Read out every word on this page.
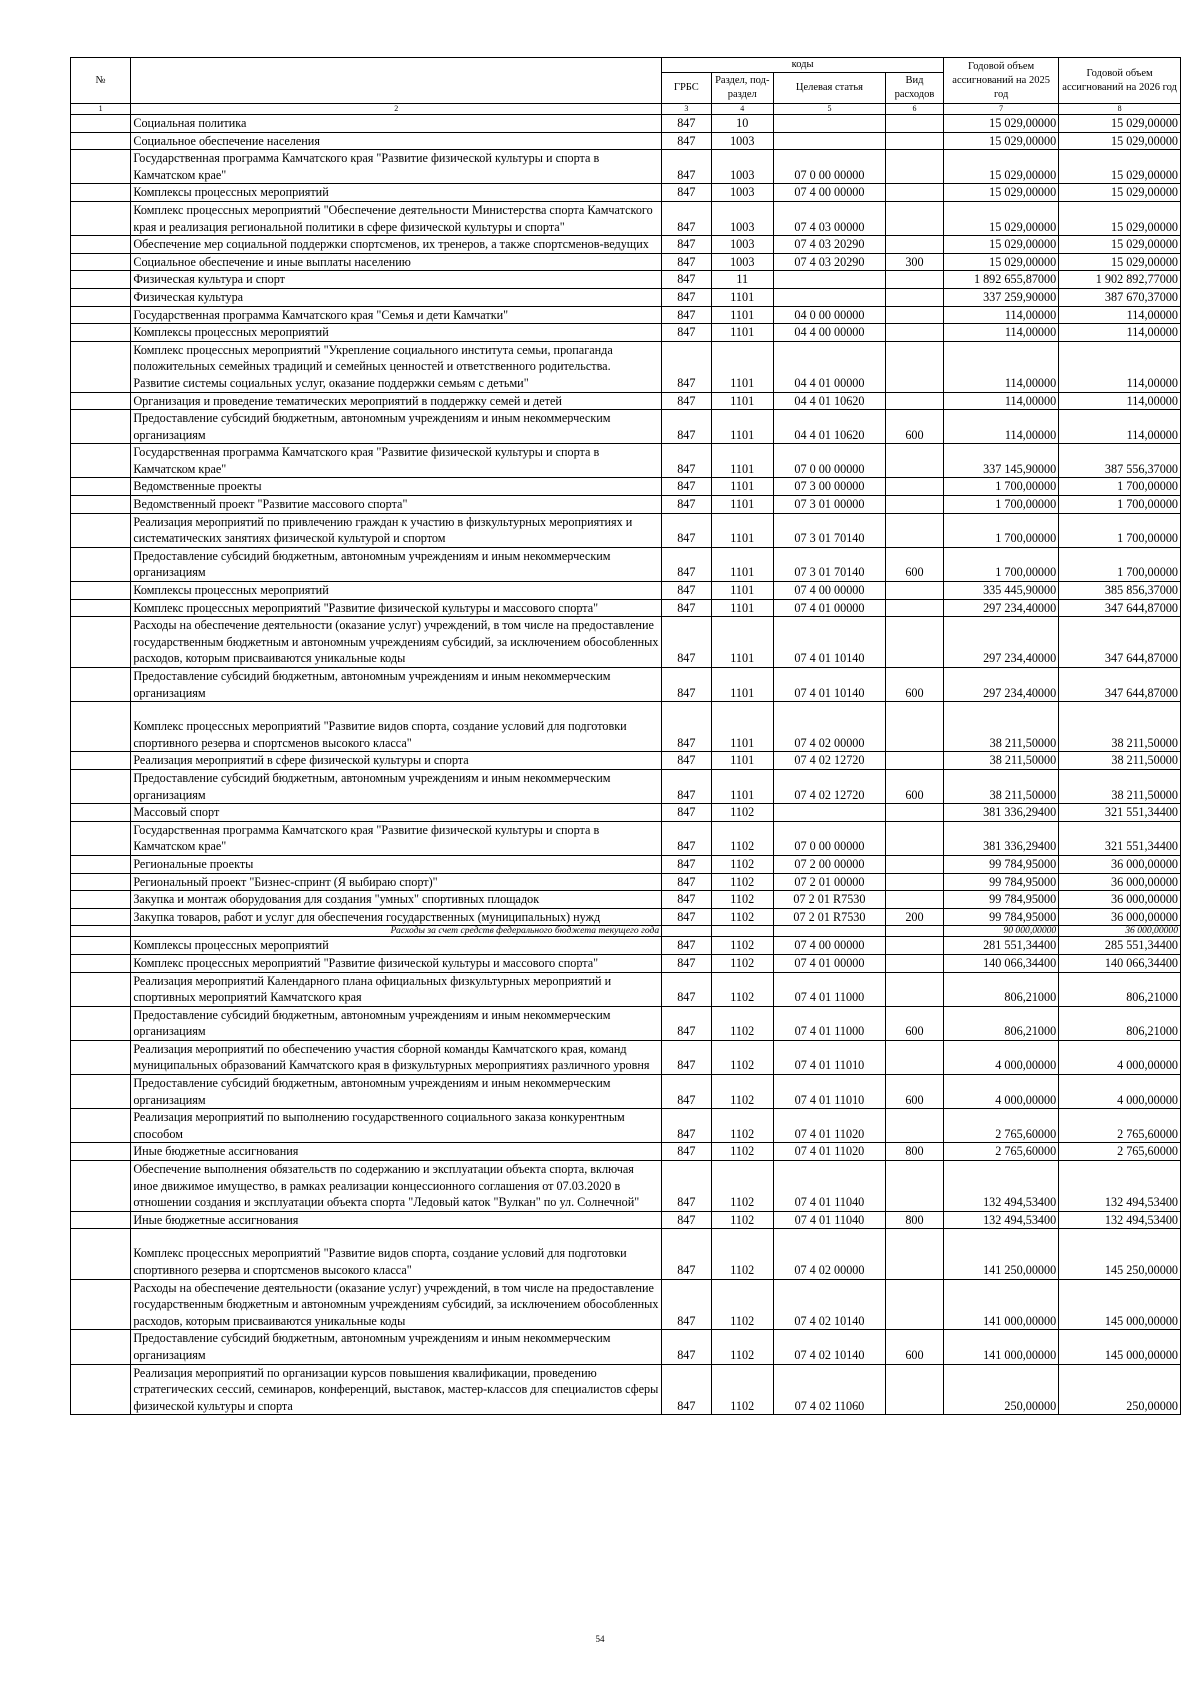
№		коды				Годовой объем ассигнований на 2025 год	Годовой объем ассигнований на 2026 год
		ГРБС	Раздел, под-раздел	Целевая статья	Вид расходов		
1	2	3	4	5	6	7	8
	Социальная политика	847	10			15 029,00000	15 029,00000
	Социальное обеспечение населения	847	1003			15 029,00000	15 029,00000
	Государственная программа Камчатского края "Развитие физической культуры и спорта в Камчатском крае"	847	1003	07 0 00 00000		15 029,00000	15 029,00000
	Комплексы процессных мероприятий	847	1003	07 4 00 00000		15 029,00000	15 029,00000
	Комплекс процессных мероприятий "Обеспечение деятельности Министерства спорта Камчатского края и реализация региональной политики в сфере физической культуры и спорта"	847	1003	07 4 03 00000		15 029,00000	15 029,00000
	Обеспечение мер социальной поддержки спортсменов, их тренеров, а также спортсменов-ведущих	847	1003	07 4 03 20290		15 029,00000	15 029,00000
	Социальное обеспечение и иные выплаты населению	847	1003	07 4 03 20290	300	15 029,00000	15 029,00000
	Физическая культура и спорт	847	11			1 892 655,87000	1 902 892,77000
	Физическая культура	847	1101			337 259,90000	387 670,37000
	Государственная программа Камчатского края "Семья и дети Камчатки"	847	1101	04 0 00 00000		114,00000	114,00000
	Комплексы процессных мероприятий	847	1101	04 4 00 00000		114,00000	114,00000
	Комплекс процессных мероприятий "Укрепление социального института семьи, пропаганда положительных семейных традиций и семейных ценностей и ответственного родительства. Развитие системы социальных услуг, оказание поддержки семьям с детьми"	847	1101	04 4 01 00000		114,00000	114,00000
	Организация и проведение тематических мероприятий в поддержку семей и детей	847	1101	04 4 01 10620		114,00000	114,00000
	Предоставление субсидий бюджетным, автономным учреждениям и иным некоммерческим организациям	847	1101	04 4 01 10620	600	114,00000	114,00000
	Государственная программа Камчатского края "Развитие физической культуры и спорта в Камчатском крае"	847	1101	07 0 00 00000		337 145,90000	387 556,37000
	Ведомственные проекты	847	1101	07 3 00 00000		1 700,00000	1 700,00000
	Ведомственный проект "Развитие массового спорта"	847	1101	07 3 01 00000		1 700,00000	1 700,00000
	Реализация мероприятий по привлечению граждан к участию в физкультурных мероприятиях и систематических занятиях физической культурой и спортом	847	1101	07 3 01 70140		1 700,00000	1 700,00000
	Предоставление субсидий бюджетным, автономным учреждениям и иным некоммерческим организациям	847	1101	07 3 01 70140	600	1 700,00000	1 700,00000
	Комплексы процессных мероприятий	847	1101	07 4 00 00000		335 445,90000	385 856,37000
	Комплекс процессных мероприятий "Развитие физической культуры и массового спорта"	847	1101	07 4 01 00000		297 234,40000	347 644,87000
	Расходы на обеспечение деятельности (оказание услуг) учреждений, в том числе на предоставление государственным бюджетным и автономным учреждениям субсидий, за исключением обособленных расходов, которым присваиваются уникальные коды	847	1101	07 4 01 10140		297 234,40000	347 644,87000
	Предоставление субсидий бюджетным, автономным учреждениям и иным некоммерческим организациям	847	1101	07 4 01 10140	600	297 234,40000	347 644,87000
	Комплекс процессных мероприятий "Развитие видов спорта, создание условий для подготовки спортивного резерва и спортсменов высокого класса"	847	1101	07 4 02 00000		38 211,50000	38 211,50000
	Реализация мероприятий в сфере физической культуры и спорта	847	1101	07 4 02 12720		38 211,50000	38 211,50000
	Предоставление субсидий бюджетным, автономным учреждениям и иным некоммерческим организациям	847	1101	07 4 02 12720	600	38 211,50000	38 211,50000
	Массовый спорт	847	1102			381 336,29400	321 551,34400
	Государственная программа Камчатского края "Развитие физической культуры и спорта в Камчатском крае"	847	1102	07 0 00 00000		381 336,29400	321 551,34400
	Региональные проекты	847	1102	07 2 00 00000		99 784,95000	36 000,00000
	Региональный проект "Бизнес-спринт (Я выбираю спорт)"	847	1102	07 2 01 00000		99 784,95000	36 000,00000
	Закупка и монтаж оборудования для создания "умных" спортивных площадок	847	1102	07 2 01 R7530		99 784,95000	36 000,00000
	Закупка товаров, работ и услуг для обеспечения государственных (муниципальных) нужд	847	1102	07 2 01 R7530	200	99 784,95000	36 000,00000
	Расходы за счет средств федерального бюджета текущего года					90 000,00000	36 000,00000
	Комплексы процессных мероприятий	847	1102	07 4 00 00000		281 551,34400	285 551,34400
	Комплекс процессных мероприятий "Развитие физической культуры и массового спорта"	847	1102	07 4 01 00000		140 066,34400	140 066,34400
	Реализация мероприятий Календарного плана официальных физкультурных мероприятий и спортивных мероприятий Камчатского края	847	1102	07 4 01 11000		806,21000	806,21000
	Предоставление субсидий бюджетным, автономным учреждениям и иным некоммерческим организациям	847	1102	07 4 01 11000	600	806,21000	806,21000
	Реализация мероприятий по обеспечению участия сборной команды Камчатского края, команд муниципальных образований Камчатского края в физкультурных мероприятиях различного уровня	847	1102	07 4 01 11010		4 000,00000	4 000,00000
	Предоставление субсидий бюджетным, автономным учреждениям и иным некоммерческим организациям	847	1102	07 4 01 11010	600	4 000,00000	4 000,00000
	Реализация мероприятий по выполнению государственного социального заказа конкурентным способом	847	1102	07 4 01 11020		2 765,60000	2 765,60000
	Иные бюджетные ассигнования	847	1102	07 4 01 11020	800	2 765,60000	2 765,60000
	Обеспечение выполнения обязательств по содержанию и эксплуатации объекта спорта, включая иное движимое имущество, в рамках реализации концессионного соглашения от 07.03.2020 в отношении создания и эксплуатации объекта спорта "Ледовый каток "Вулкан" по ул. Солнечной"	847	1102	07 4 01 11040		132 494,53400	132 494,53400
	Иные бюджетные ассигнования	847	1102	07 4 01 11040	800	132 494,53400	132 494,53400
	Комплекс процессных мероприятий "Развитие видов спорта, создание условий для подготовки спортивного резерва и спортсменов высокого класса"	847	1102	07 4 02 00000		141 250,00000	145 250,00000
	Расходы на обеспечение деятельности (оказание услуг) учреждений, в том числе на предоставление государственным бюджетным и автономным учреждениям субсидий, за исключением обособленных расходов, которым присваиваются уникальные коды	847	1102	07 4 02 10140		141 000,00000	145 000,00000
	Предоставление субсидий бюджетным, автономным учреждениям и иным некоммерческим организациям	847	1102	07 4 02 10140	600	141 000,00000	145 000,00000
	Реализация мероприятий по организации курсов повышения квалификации, проведению стратегических сессий, семинаров, конференций, выставок, мастер-классов для специалистов сферы физической культуры и спорта	847	1102	07 4 02 11060		250,00000	250,00000
54
